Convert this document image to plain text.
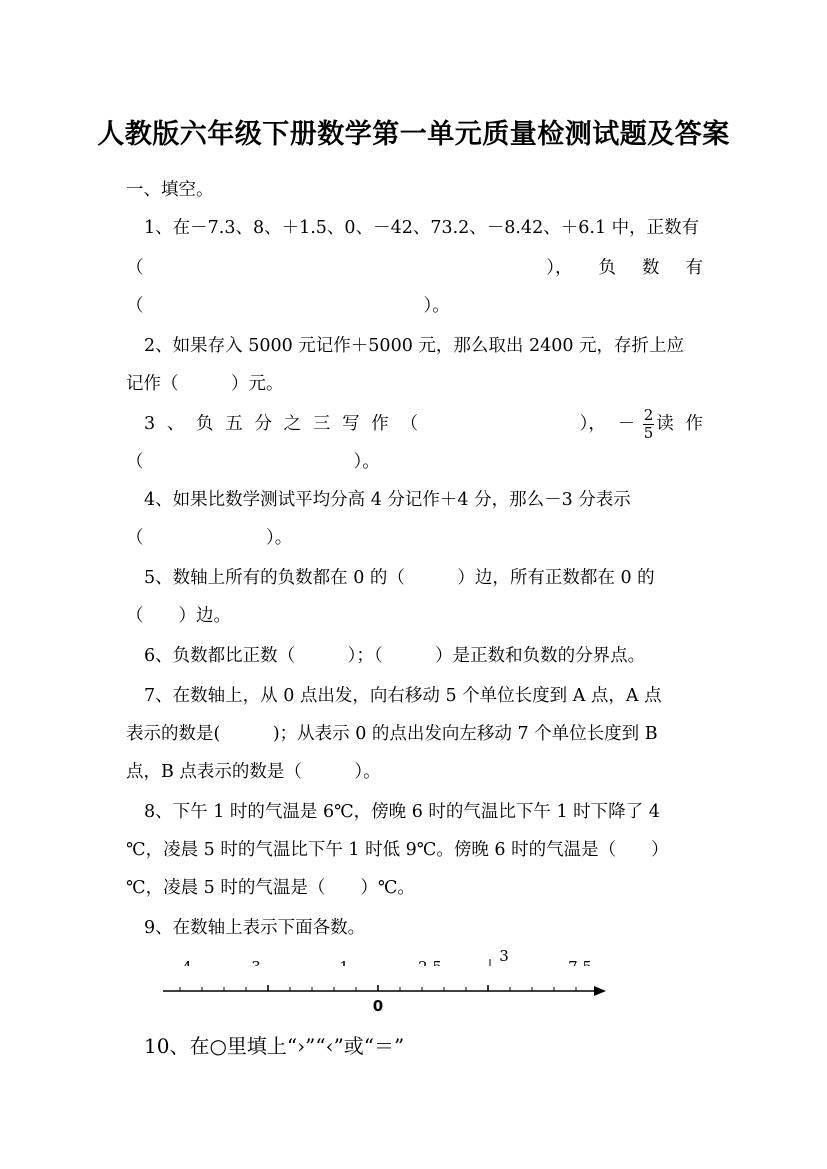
人教版六年级下册数学第一单元质量检测试题及答案
一、填空。
1、在－7.3、8、＋1.5、0、－42、73.2、－8.42、＋6.1 中，正数有
（	）， 负 数 有
（　　　　　　　　　　　　　　　　）。
2、如果存入 5000 元记作＋5000 元，那么取出 2400 元，存折上应
记作（　　　）元。
3 、 负 五 分 之 三 写 作 （	）， － $\frac{2}{5}$ 读 作
（　　　　　　　　　　　　）。
4、如果比数学测试平均分高 4 分记作＋4 分，那么－3 分表示
（　　　　　　　）。
5、数轴上所有的负数都在 0 的（　　　）边，所有正数都在 0 的
（　　）边。
6、负数都比正数（　　　）；（　　　）是正数和负数的分界点。
7、在数轴上，从 0 点出发，向右移动 5 个单位长度到 A 点，A 点
表示的数是(　　　)；从表示 0 的点出发向左移动 7 个单位长度到 B
点，B 点表示的数是（　　　）。
8、下午 1 时的气温是 6℃，傍晚 6 时的气温比下午 1 时下降了 4
℃，凌晨 5 时的气温比下午 1 时低 9℃。傍晚 6 时的气温是（　　）
℃，凌晨 5 时的气温是（　　）℃。
9、在数轴上表示下面各数。
3
0
10、在○里填上“›”“‹”或“＝”
